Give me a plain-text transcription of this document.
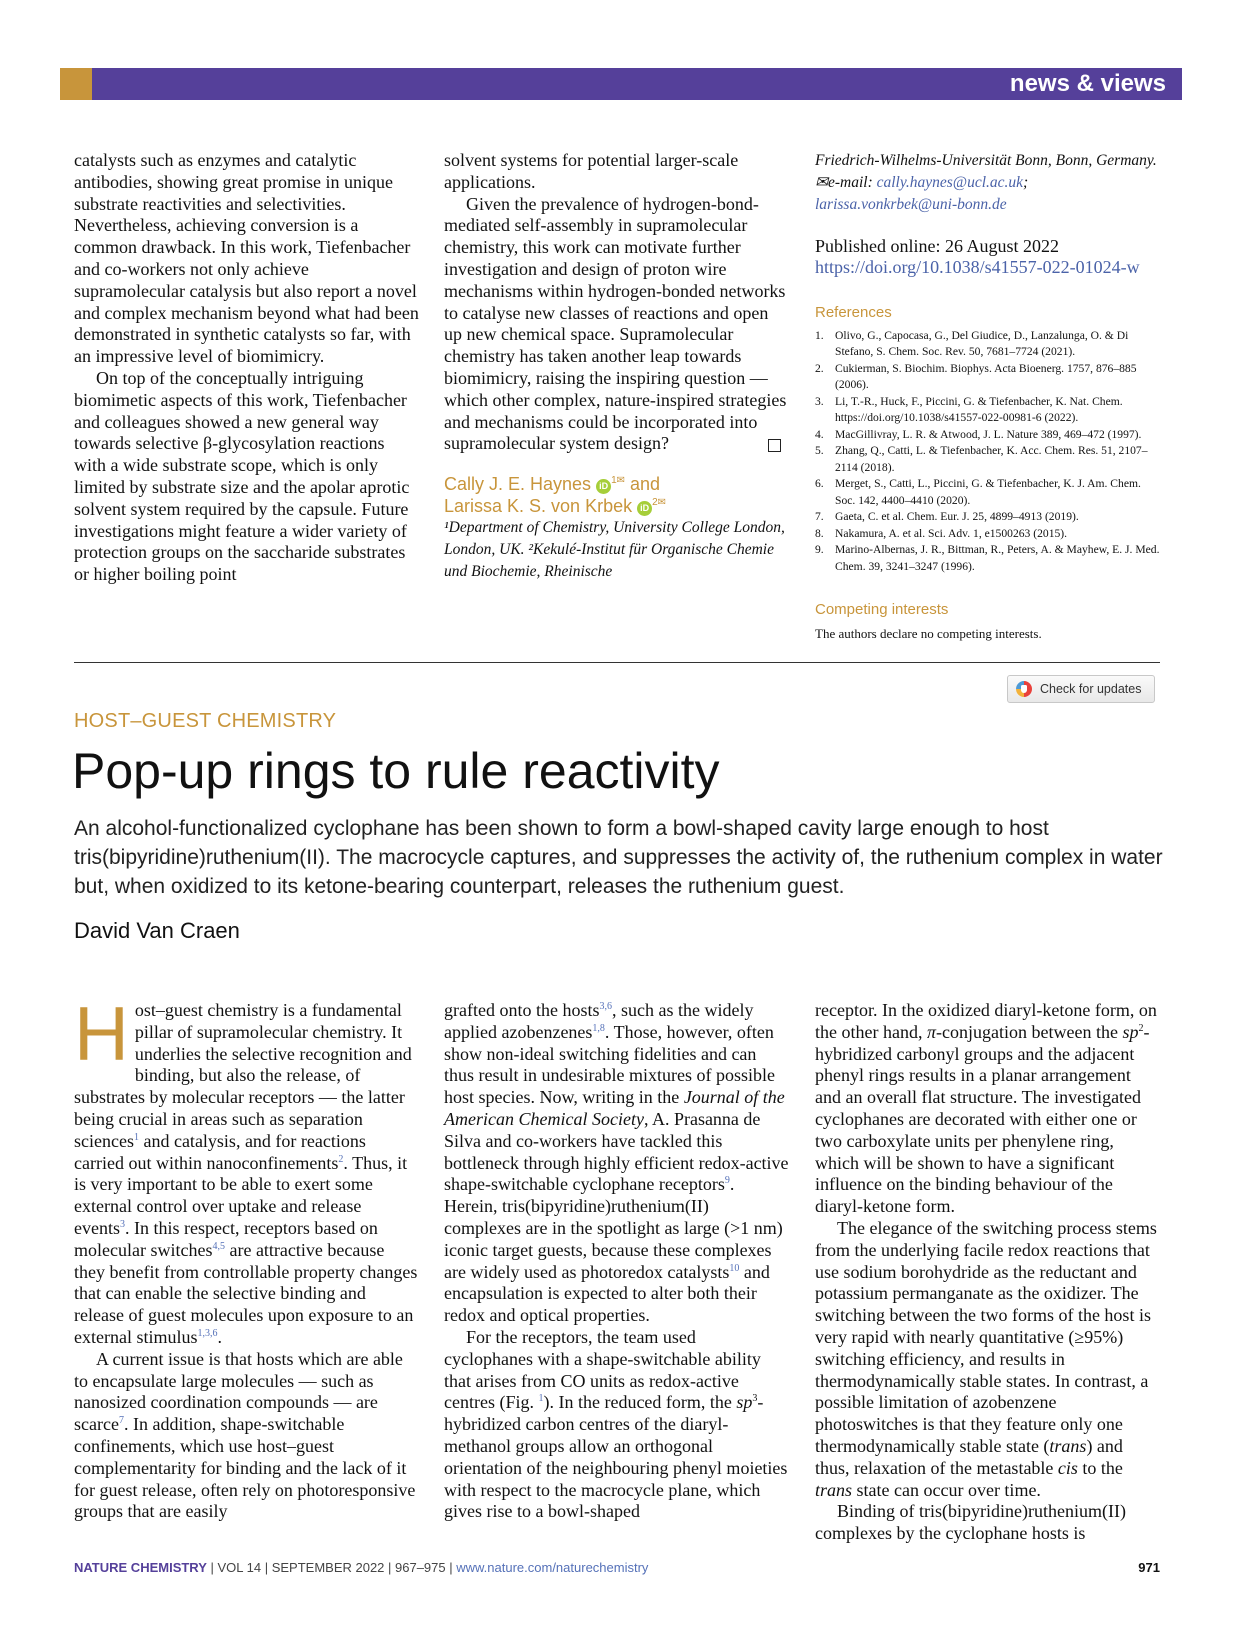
news & views

catalysts such as enzymes and catalytic antibodies, showing great promise in unique substrate reactivities and selectivities. Nevertheless, achieving conversion is a common drawback. In this work, Tiefenbacher and co-workers not only achieve supramolecular catalysis but also report a novel and complex mechanism beyond what had been demonstrated in synthetic catalysts so far, with an impressive level of biomimicry.

On top of the conceptually intriguing biomimetic aspects of this work, Tiefenbacher and colleagues showed a new general way towards selective β-glycosylation reactions with a wide substrate scope, which is only limited by substrate size and the apolar aprotic solvent system required by the capsule. Future investigations might feature a wider variety of protection groups on the saccharide substrates or higher boiling point

solvent systems for potential larger-scale applications.

Given the prevalence of hydrogen-bond-mediated self-assembly in supramolecular chemistry, this work can motivate further investigation and design of proton wire mechanisms within hydrogen-bonded networks to catalyse new classes of reactions and open up new chemical space. Supramolecular chemistry has taken another leap towards biomimicry, raising the inspiring question — which other complex, nature-inspired strategies and mechanisms could be incorporated into supramolecular system design?

Cally J. E. Haynes iD $^{1✉}$ and
Larissa K. S. von Krbek iD $^{2✉}$
¹Department of Chemistry, University College London, London, UK. ²Kekulé-Institut für Organische Chemie und Biochemie, Rheinische
Friedrich-Wilhelms-Universität Bonn, Bonn, Germany.
✉e-mail: cally.haynes@ucl.ac.uk;
larissa.vonkrbek@uni-bonn.de
Published online: 26 August 2022
https://doi.org/10.1038/s41557-022-01024-w
References
1. Olivo, G., Capocasa, G., Del Giudice, D., Lanzalunga, O. & Di Stefano, S. Chem. Soc. Rev. 50, 7681–7724 (2021).
2. Cukierman, S. Biochim. Biophys. Acta Bioenerg. 1757, 876–885 (2006).
3. Li, T.-R., Huck, F., Piccini, G. & Tiefenbacher, K. Nat. Chem. https://doi.org/10.1038/s41557-022-00981-6 (2022).
4. MacGillivray, L. R. & Atwood, J. L. Nature 389, 469–472 (1997).
5. Zhang, Q., Catti, L. & Tiefenbacher, K. Acc. Chem. Res. 51, 2107–2114 (2018).
6. Merget, S., Catti, L., Piccini, G. & Tiefenbacher, K. J. Am. Chem. Soc. 142, 4400–4410 (2020).
7. Gaeta, C. et al. Chem. Eur. J. 25, 4899–4913 (2019).
8. Nakamura, A. et al. Sci. Adv. 1, e1500263 (2015).
9. Marino-Albernas, J. R., Bittman, R., Peters, A. & Mayhew, E. J. Med. Chem. 39, 3241–3247 (1996).
Competing interests
The authors declare no competing interests.
Check for updates
HOST–GUEST CHEMISTRY
Pop-up rings to rule reactivity
An alcohol-functionalized cyclophane has been shown to form a bowl-shaped cavity large enough to host tris(bipyridine)ruthenium(II). The macrocycle captures, and suppresses the activity of, the ruthenium complex in water but, when oxidized to its ketone-bearing counterpart, releases the ruthenium guest.
David Van Craen

Host–guest chemistry is a fundamental pillar of supramolecular chemistry. It underlies the selective recognition and binding, but also the release, of substrates by molecular receptors — the latter being crucial in areas such as separation sciences$^1$ and catalysis, and for reactions carried out within nanoconfinements$^2$. Thus, it is very important to be able to exert some external control over uptake and release events$^3$. In this respect, receptors based on molecular switches$^{4,5}$ are attractive because they benefit from controllable property changes that can enable the selective binding and release of guest molecules upon exposure to an external stimulus$^{1,3,6}$.

A current issue is that hosts which are able to encapsulate large molecules — such as nanosized coordination compounds — are scarce$^7$. In addition, shape-switchable confinements, which use host–guest complementarity for binding and the lack of it for guest release, often rely on photoresponsive groups that are easily

grafted onto the hosts$^{3,6}$, such as the widely applied azobenzenes$^{1,8}$. Those, however, often show non-ideal switching fidelities and can thus result in undesirable mixtures of possible host species. Now, writing in the Journal of the American Chemical Society, A. Prasanna de Silva and co-workers have tackled this bottleneck through highly efficient redox-active shape-switchable cyclophane receptors$^9$. Herein, tris(bipyridine)ruthenium(II) complexes are in the spotlight as large (>1 nm) iconic target guests, because these complexes are widely used as photoredox catalysts$^{10}$ and encapsulation is expected to alter both their redox and optical properties.

For the receptors, the team used cyclophanes with a shape-switchable ability that arises from CO units as redox-active centres (Fig. $^1$). In the reduced form, the $sp^3$-hybridized carbon centres of the diaryl-methanol groups allow an orthogonal orientation of the neighbouring phenyl moieties with respect to the macrocycle plane, which gives rise to a bowl-shaped

receptor. In the oxidized diaryl-ketone form, on the other hand, π-conjugation between the $sp^2$-hybridized carbonyl groups and the adjacent phenyl rings results in a planar arrangement and an overall flat structure. The investigated cyclophanes are decorated with either one or two carboxylate units per phenylene ring, which will be shown to have a significant influence on the binding behaviour of the diaryl-ketone form.

The elegance of the switching process stems from the underlying facile redox reactions that use sodium borohydride as the reductant and potassium permanganate as the oxidizer. The switching between the two forms of the host is very rapid with nearly quantitative (≥95%) switching efficiency, and results in thermodynamically stable states. In contrast, a possible limitation of azobenzene photoswitches is that they feature only one thermodynamically stable state (trans) and thus, relaxation of the metastable cis to the trans state can occur over time.

Binding of tris(bipyridine)ruthenium(II) complexes by the cyclophane hosts is

NATURE CHEMISTRY | VOL 14 | SEPTEMBER 2022 | 967–975 | www.nature.com/naturechemistry	971
